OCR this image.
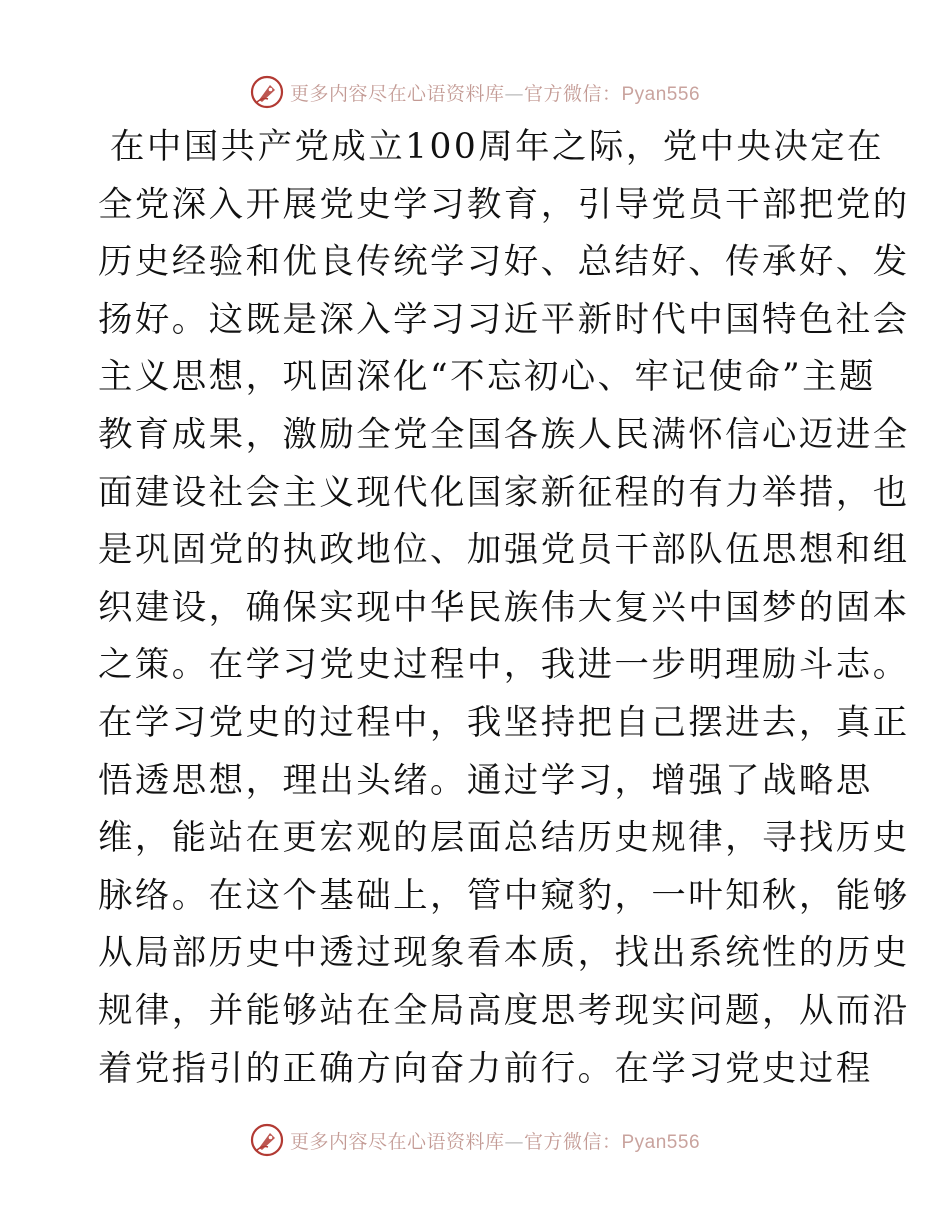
更多内容尽在心语资料库—官方微信：Pyan556
在中国共产党成立100周年之际，党中央决定在
全党深入开展党史学习教育，引导党员干部把党的
历史经验和优良传统学习好、总结好、传承好、发
扬好。这既是深入学习习近平新时代中国特色社会
主义思想，巩固深化“不忘初心、牢记使命”主题
教育成果，激励全党全国各族人民满怀信心迈进全
面建设社会主义现代化国家新征程的有力举措，也
是巩固党的执政地位、加强党员干部队伍思想和组
织建设，确保实现中华民族伟大复兴中国梦的固本
之策。在学习党史过程中，我进一步明理励斗志。
在学习党史的过程中，我坚持把自己摆进去，真正
悟透思想，理出头绪。通过学习，增强了战略思
维，能站在更宏观的层面总结历史规律，寻找历史
脉络。在这个基础上，管中窥豹，一叶知秋，能够
从局部历史中透过现象看本质，找出系统性的历史
规律，并能够站在全局高度思考现实问题，从而沿
着党指引的正确方向奋力前行。在学习党史过程
更多内容尽在心语资料库—官方微信：Pyan556
